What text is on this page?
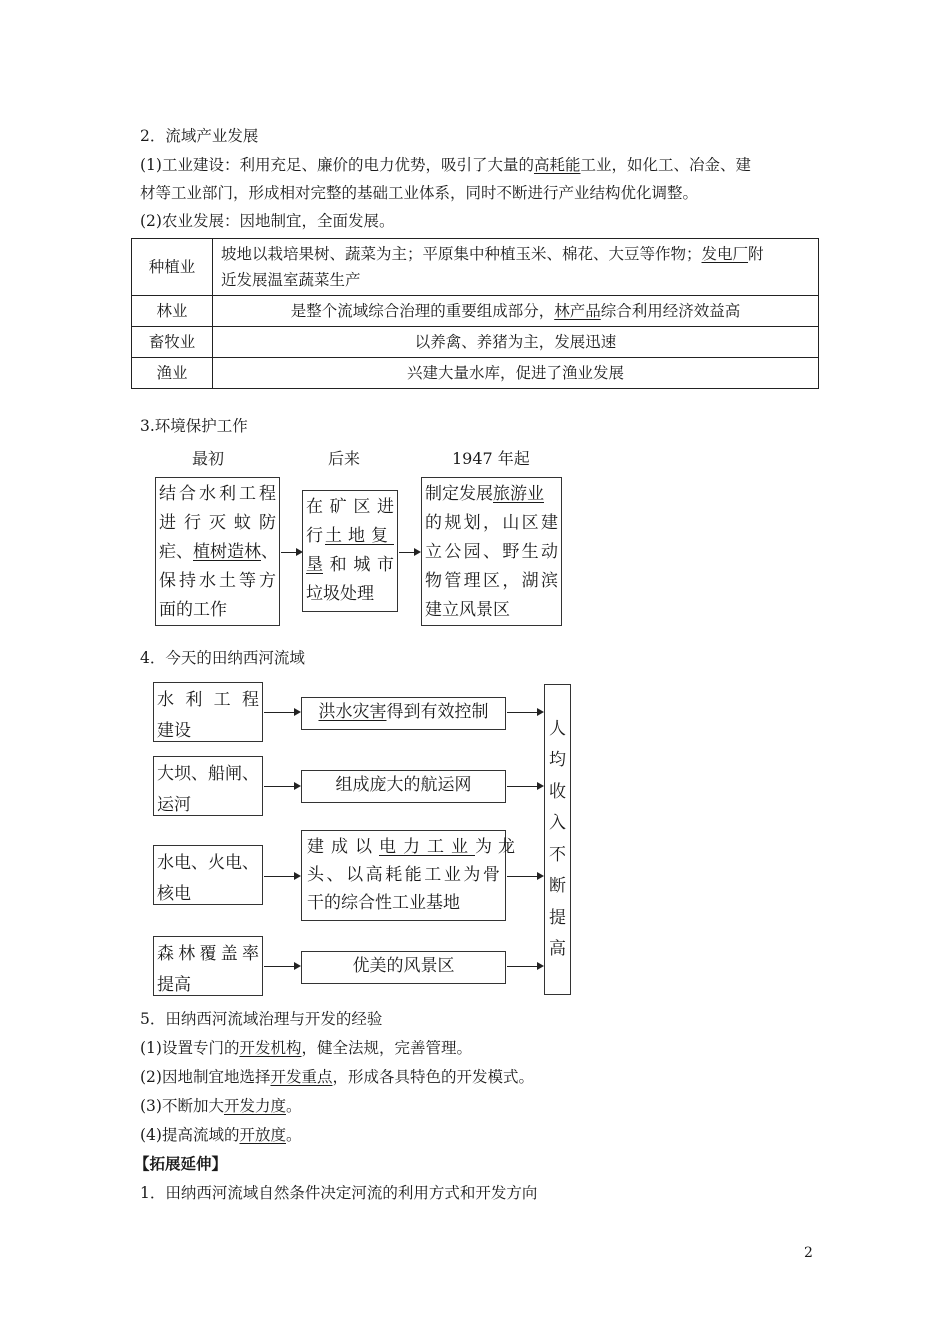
2．流域产业发展
(1)工业建设：利用充足、廉价的电力优势，吸引了大量的高耗能工业，如化工、冶金、建
材等工业部门，形成相对完整的基础工业体系，同时不断进行产业结构优化调整。
(2)农业发展：因地制宜，全面发展。
种植业	坡地以栽培果树、蔬菜为主；平原集中种植玉米、棉花、大豆等作物；发电厂附
近发展温室蔬菜生产

林业	是整个流域综合治理的重要组成部分，林产品综合利用经济效益高
畜牧业	以养禽、养猪为主，发展迅速
渔业	兴建大量水库，促进了渔业发展
3.环境保护工作
最初	后来	1947 年起
结 合 水 利 工 程
进 行 灭 蚊 防
疟、 植树造林 、
保 持 水 土 等 方
面的工作
在 矿 区 进
行 土地复
垦 和 城 市
垃圾处理
制定发展 旅游业
的 规 划 ， 山 区 建
立 公 园 、 野 生 动
物 管 理 区 ， 湖 滨
建立风景区
4．今天的田纳西河流域
水 利 工 程
建设
洪水灾害 得到有效控制
大 坝 、 船 闸 、
运河
组成庞大的航运网
水 电 、 火 电 、
核电
建成以 电力工业 为龙
头 、 以 高 耗 能 工 业 为 骨
干的综合性工业基地
森 林 覆 盖 率
提高
优美的风景区
人
均
收
入
不
断
提
高
5．田纳西河流域治理与开发的经验
(1)设置专门的开发机构，健全法规，完善管理。
(2)因地制宜地选择开发重点，形成各具特色的开发模式。
(3)不断加大开发力度。
(4)提高流域的开放度。
【拓展延伸】
1．田纳西河流域自然条件决定河流的利用方式和开发方向
2
